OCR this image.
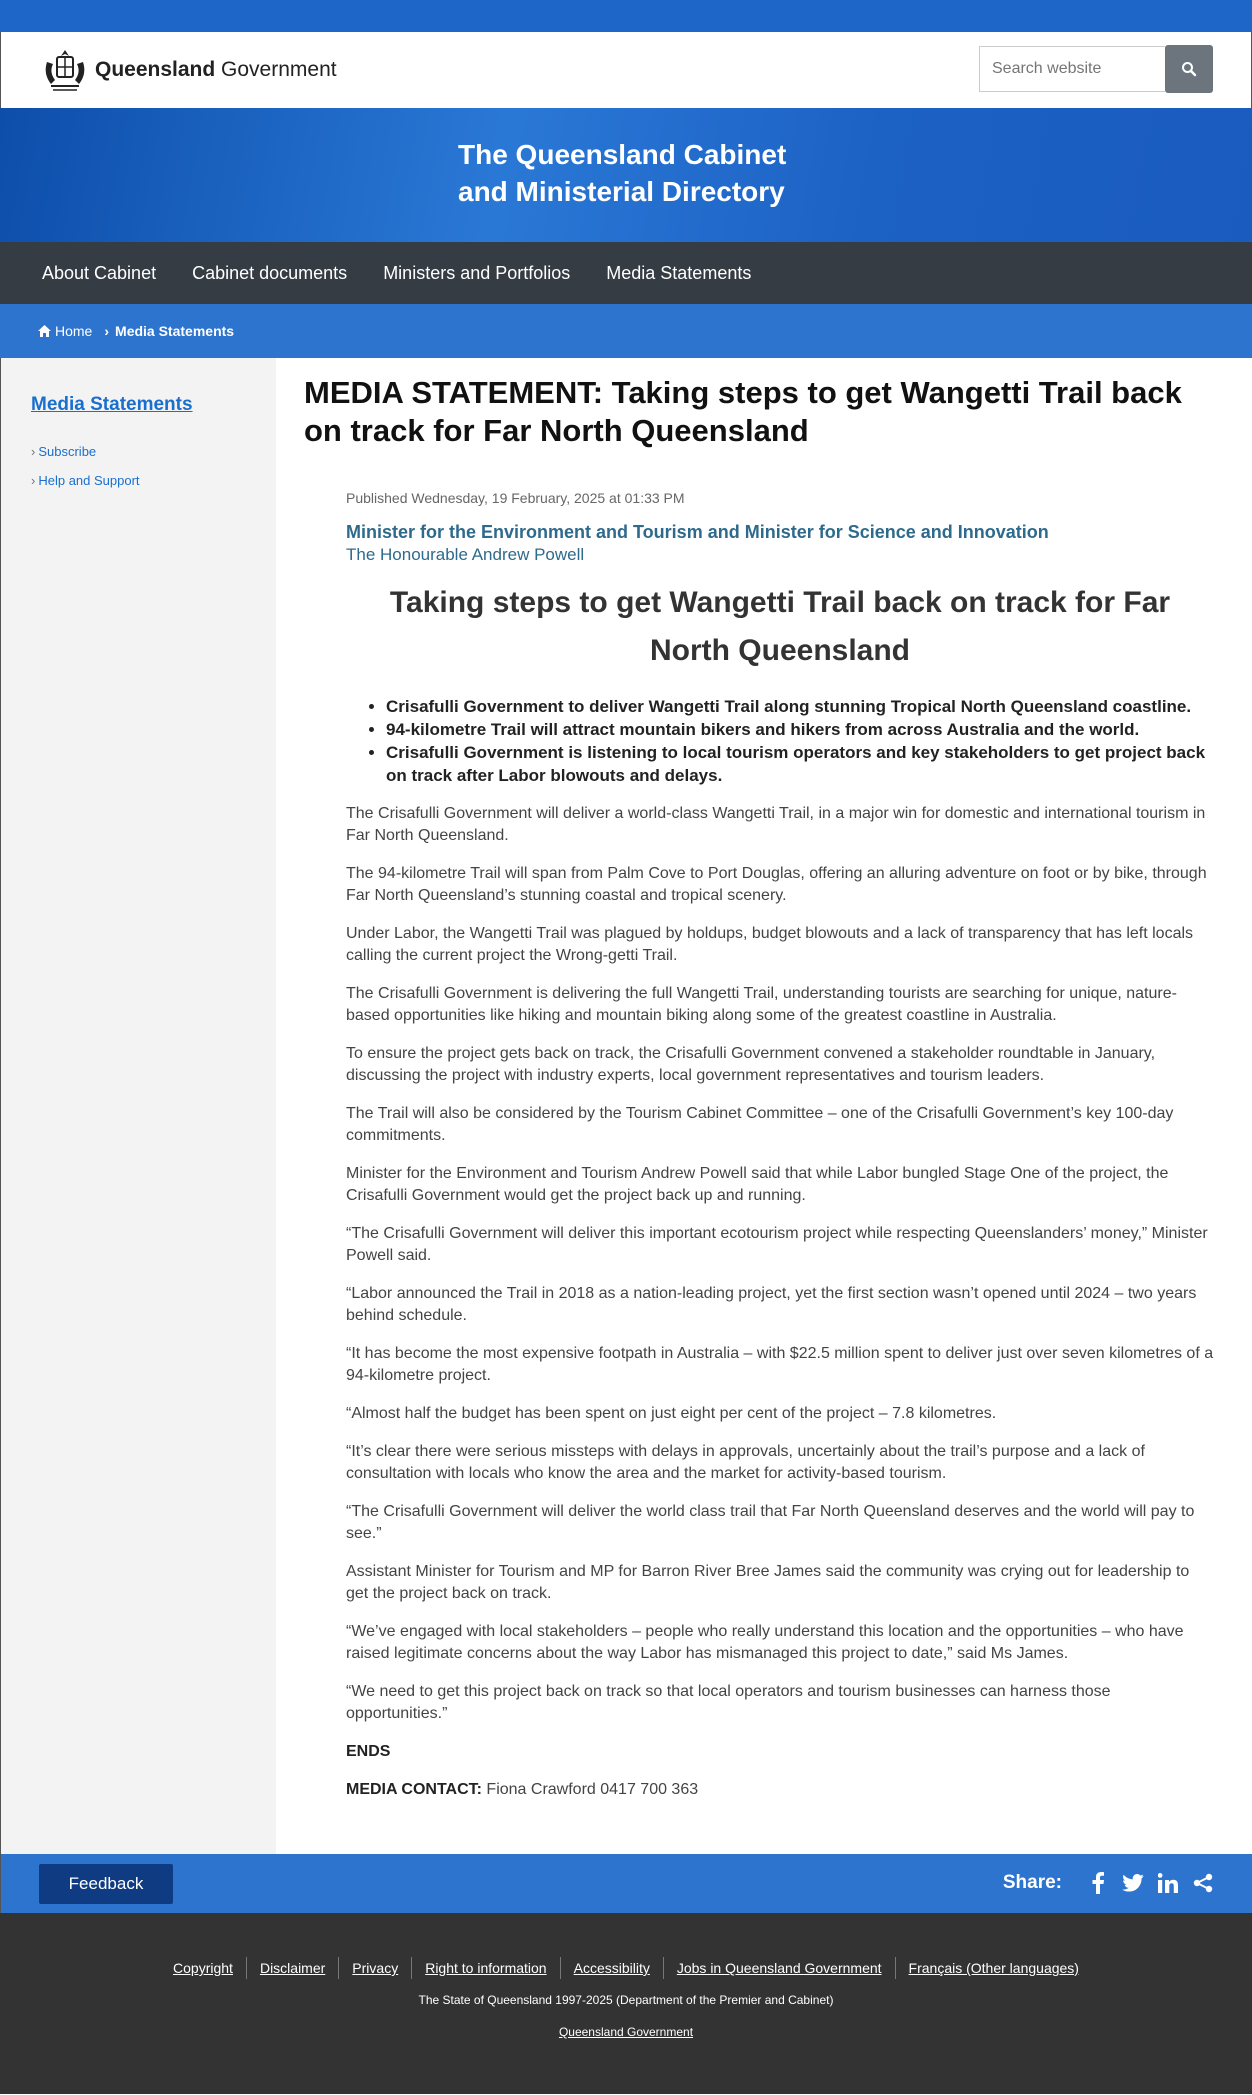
Queensland Government
Search website
The Queensland Cabinet
and Ministerial Directory
About Cabinet	Cabinet documents	Ministers and Portfolios	Media Statements
Home › Media Statements
Media Statements
› Subscribe
› Help and Support
MEDIA STATEMENT: Taking steps to get Wangetti Trail back on track for Far North Queensland
Published Wednesday, 19 February, 2025 at 01:33 PM
Minister for the Environment and Tourism and Minister for Science and Innovation
The Honourable Andrew Powell
Taking steps to get Wangetti Trail back on track for Far North Queensland
• Crisafulli Government to deliver Wangetti Trail along stunning Tropical North Queensland coastline.
• 94-kilometre Trail will attract mountain bikers and hikers from across Australia and the world.
• Crisafulli Government is listening to local tourism operators and key stakeholders to get project back on track after Labor blowouts and delays.

The Crisafulli Government will deliver a world-class Wangetti Trail, in a major win for domestic and international tourism in Far North Queensland.

The 94-kilometre Trail will span from Palm Cove to Port Douglas, offering an alluring adventure on foot or by bike, through Far North Queensland’s stunning coastal and tropical scenery.

Under Labor, the Wangetti Trail was plagued by holdups, budget blowouts and a lack of transparency that has left locals calling the current project the Wrong-getti Trail.

The Crisafulli Government is delivering the full Wangetti Trail, understanding tourists are searching for unique, nature-based opportunities like hiking and mountain biking along some of the greatest coastline in Australia.

To ensure the project gets back on track, the Crisafulli Government convened a stakeholder roundtable in January, discussing the project with industry experts, local government representatives and tourism leaders.

The Trail will also be considered by the Tourism Cabinet Committee – one of the Crisafulli Government’s key 100-day commitments.

Minister for the Environment and Tourism Andrew Powell said that while Labor bungled Stage One of the project, the Crisafulli Government would get the project back up and running.

“The Crisafulli Government will deliver this important ecotourism project while respecting Queenslanders’ money,” Minister Powell said.

“Labor announced the Trail in 2018 as a nation-leading project, yet the first section wasn’t opened until 2024 – two years behind schedule.

“It has become the most expensive footpath in Australia – with $22.5 million spent to deliver just over seven kilometres of a 94-kilometre project.

“Almost half the budget has been spent on just eight per cent of the project – 7.8 kilometres.

“It’s clear there were serious missteps with delays in approvals, uncertainly about the trail’s purpose and a lack of consultation with locals who know the area and the market for activity-based tourism.

“The Crisafulli Government will deliver the world class trail that Far North Queensland deserves and the world will pay to see.”

Assistant Minister for Tourism and MP for Barron River Bree James said the community was crying out for leadership to get the project back on track.

“We’ve engaged with local stakeholders – people who really understand this location and the opportunities – who have raised legitimate concerns about the way Labor has mismanaged this project to date,” said Ms James.

“We need to get this project back on track so that local operators and tourism businesses can harness those opportunities.”

ENDS

MEDIA CONTACT: Fiona Crawford 0417 700 363

Feedback	Share:
Copyright	Disclaimer	Privacy	Right to information	Accessibility	Jobs in Queensland Government	Français (Other languages)
The State of Queensland 1997-2025 (Department of the Premier and Cabinet)
Queensland Government
